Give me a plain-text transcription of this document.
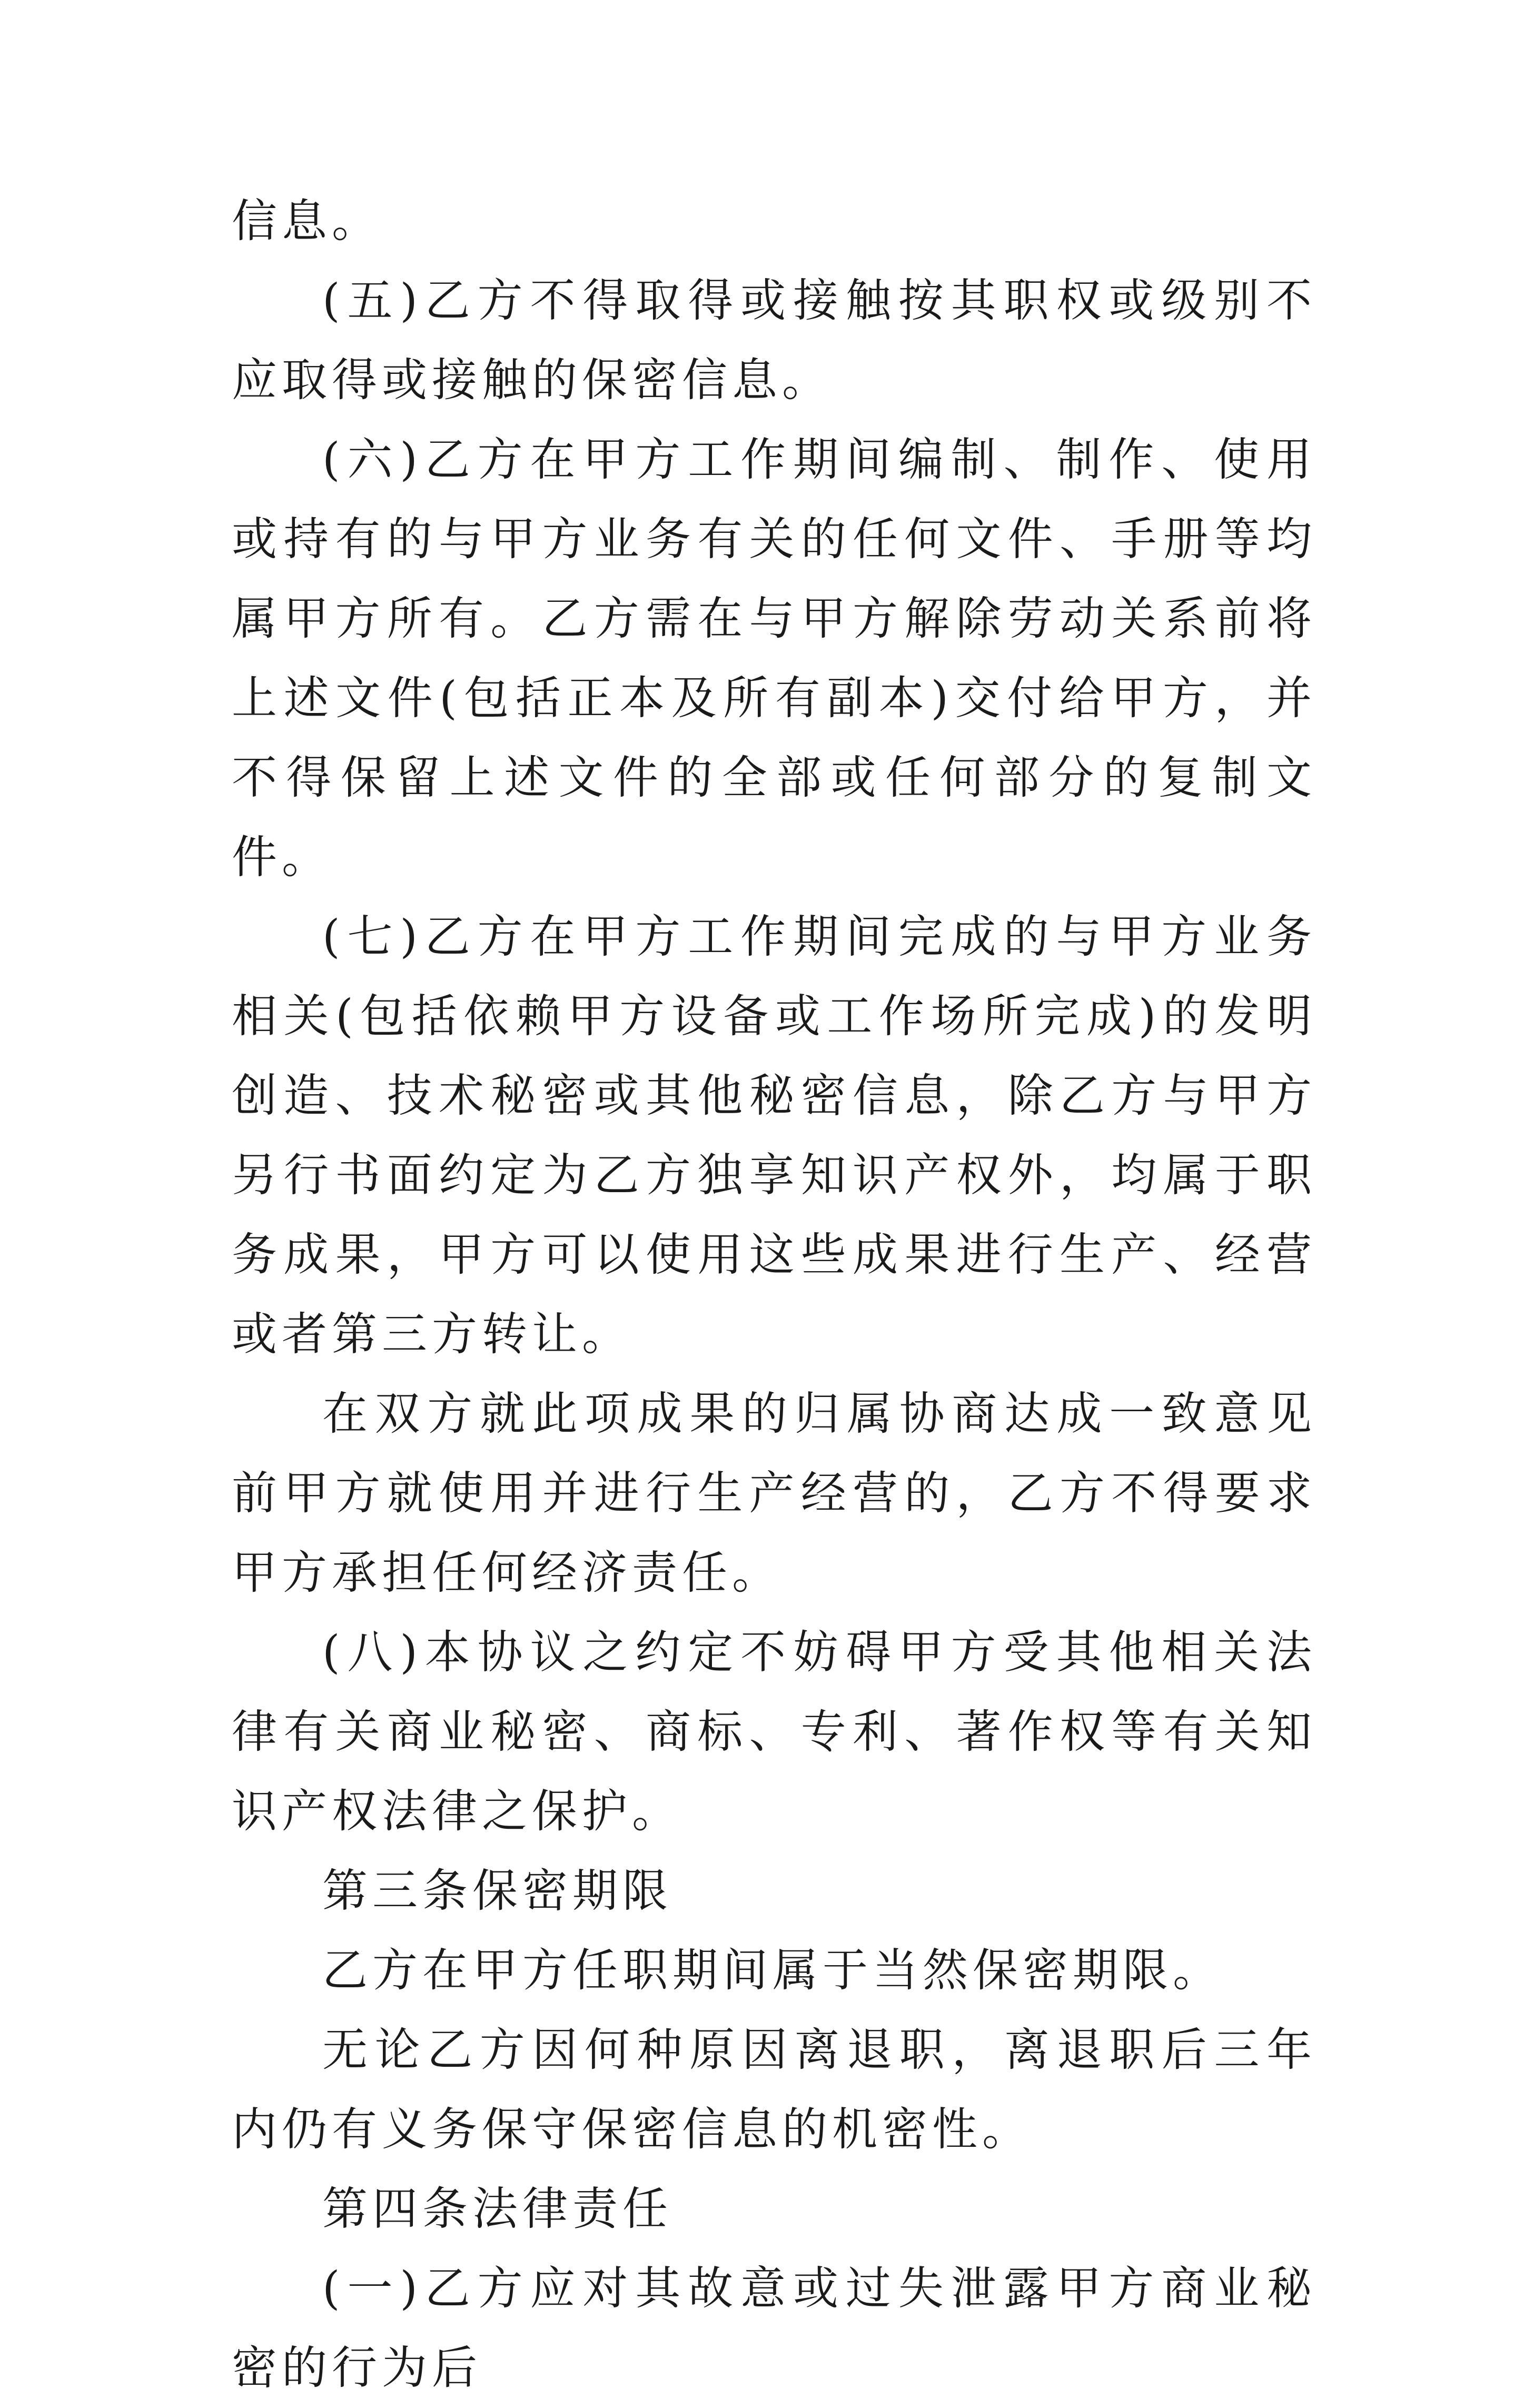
信息。

(五)乙方不得取得或接触按其职权或级别不应取得或接触的保密信息。

(六)乙方在甲方工作期间编制、制作、使用或持有的与甲方业务有关的任何文件、手册等均属甲方所有。乙方需在与甲方解除劳动关系前将上述文件(包括正本及所有副本)交付给甲方，并不得保留上述文件的全部或任何部分的复制文件。

(七)乙方在甲方工作期间完成的与甲方业务相关(包括依赖甲方设备或工作场所完成)的发明创造、技术秘密或其他秘密信息，除乙方与甲方另行书面约定为乙方独享知识产权外，均属于职务成果，甲方可以使用这些成果进行生产、经营或者第三方转让。

在双方就此项成果的归属协商达成一致意见前甲方就使用并进行生产经营的，乙方不得要求甲方承担任何经济责任。

(八)本协议之约定不妨碍甲方受其他相关法律有关商业秘密、商标、专利、著作权等有关知识产权法律之保护。

第三条保密期限

乙方在甲方任职期间属于当然保密期限。

无论乙方因何种原因离退职，离退职后三年内仍有义务保守保密信息的机密性。

第四条法律责任

(一)乙方应对其故意或过失泄露甲方商业秘密的行为后
